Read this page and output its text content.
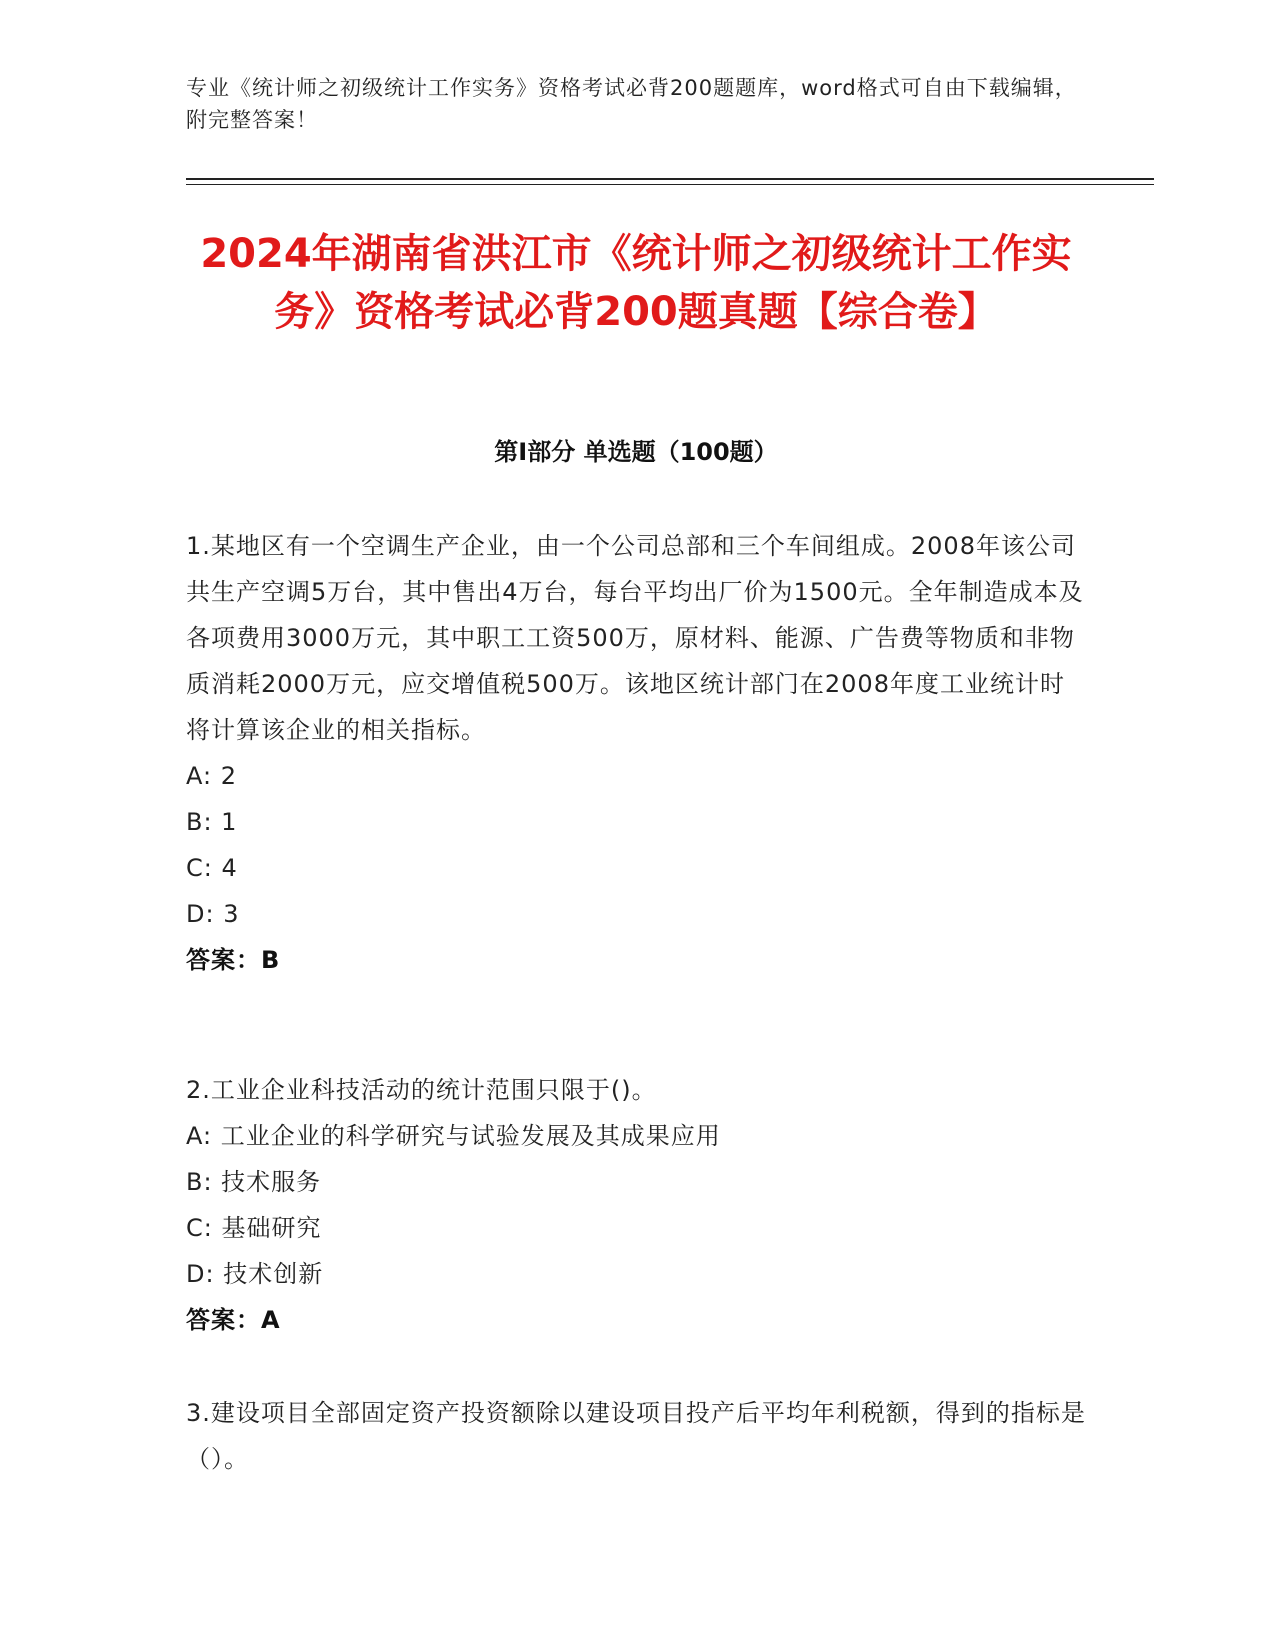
专业《统计师之初级统计工作实务》资格考试必背200题题库，word格式可自由下载编辑，附完整答案！
2024年湖南省洪江市《统计师之初级统计工作实务》资格考试必背200题真题【综合卷】
第I部分 单选题（100题）
1.某地区有一个空调生产企业，由一个公司总部和三个车间组成。2008年该公司共生产空调5万台，其中售出4万台，每台平均出厂价为1500元。全年制造成本及各项费用3000万元，其中职工工资500万，原材料、能源、广告费等物质和非物质消耗2000万元，应交增值税500万。该地区统计部门在2008年度工业统计时将计算该企业的相关指标。
A: 2
B: 1
C: 4
D: 3
答案：B
2.工业企业科技活动的统计范围只限于()。
A: 工业企业的科学研究与试验发展及其成果应用
B: 技术服务
C: 基础研究
D: 技术创新
答案：A
3.建设项目全部固定资产投资额除以建设项目投产后平均年利税额，得到的指标是（）。
